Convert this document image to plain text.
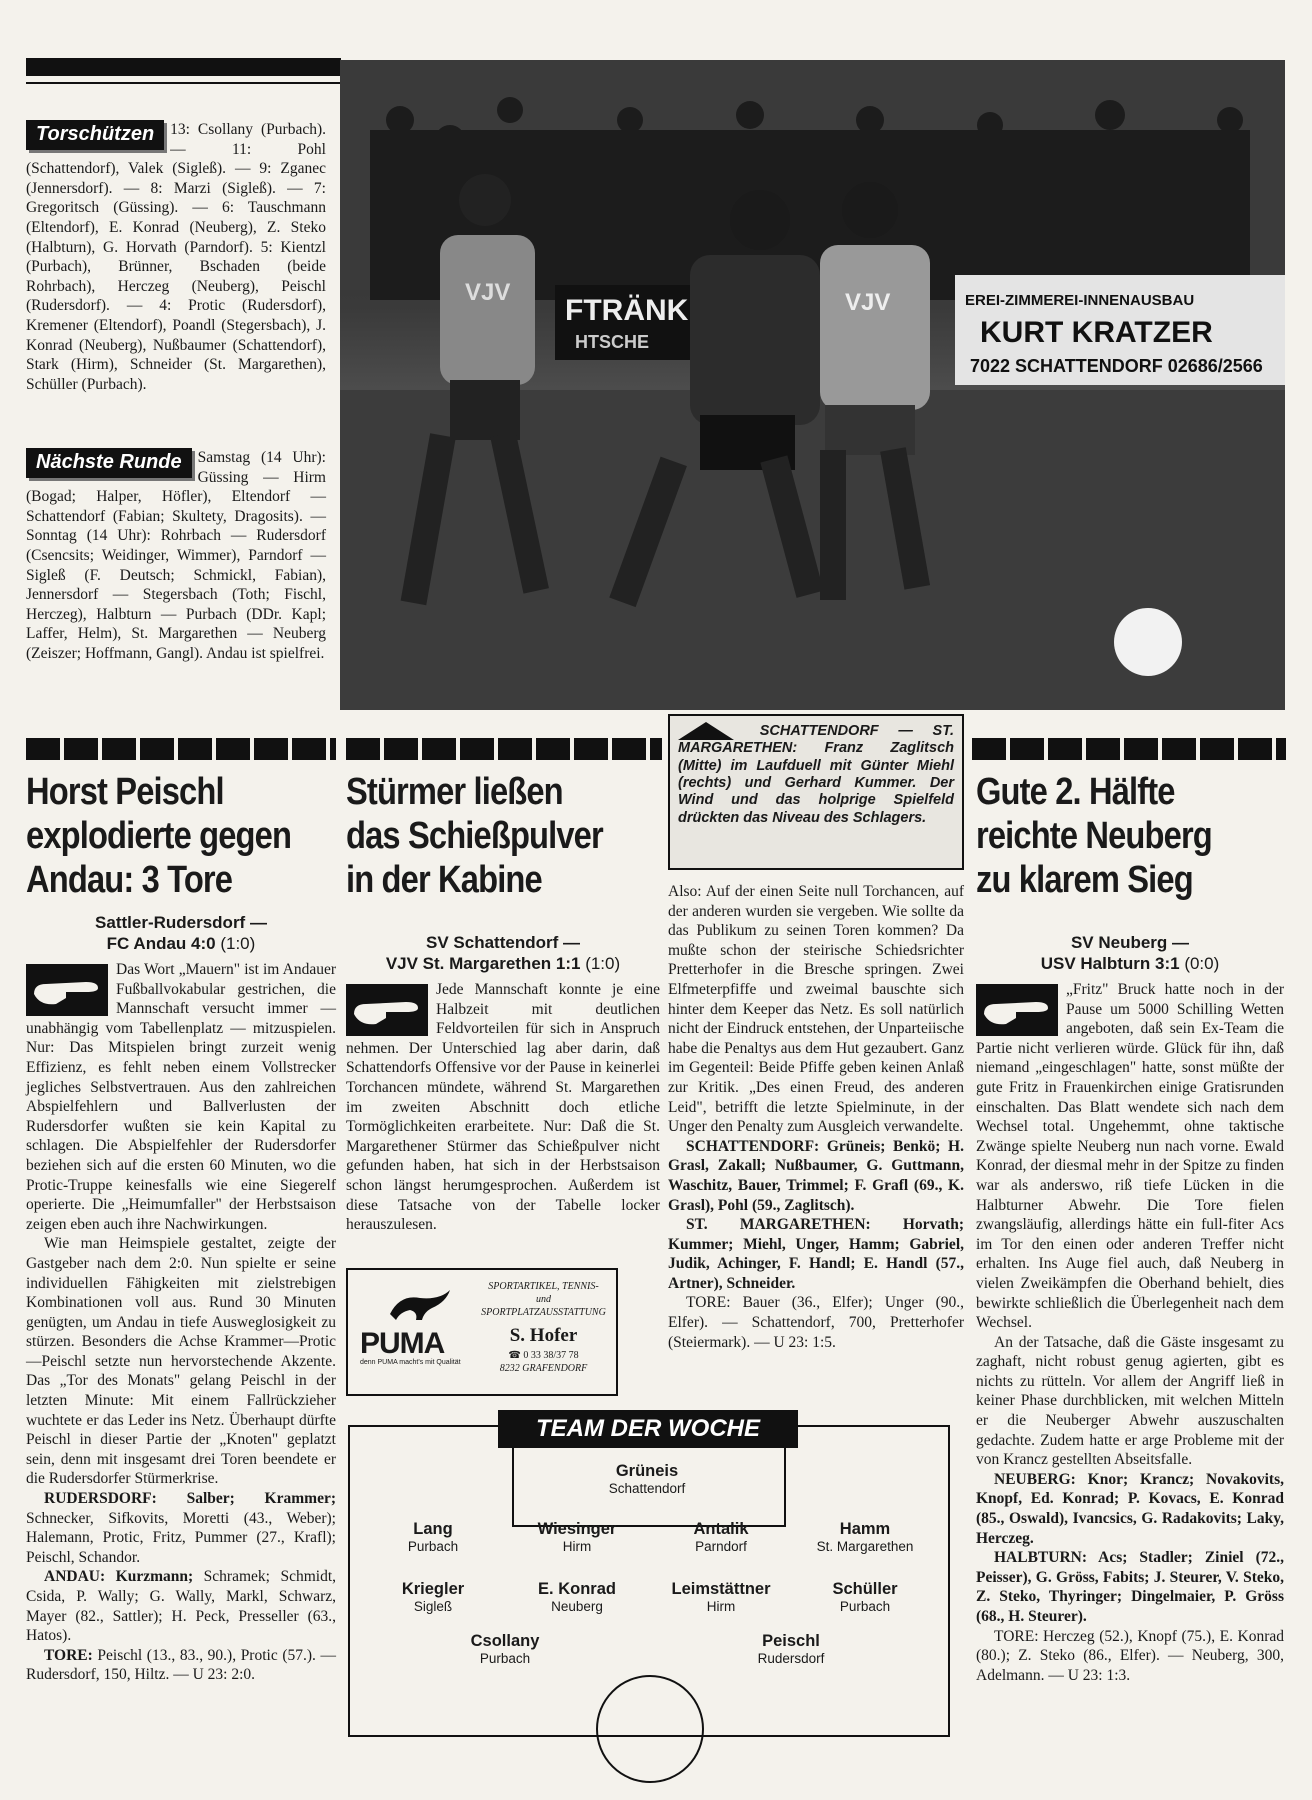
Torschützen	13: Csollany (Purbach). — 11: Pohl (Schattendorf), Valek (Sigleß). — 9: Zganec (Jennersdorf). — 8: Marzi (Sigleß). — 7: Gregoritsch (Güssing). — 6: Tauschmann (Eltendorf), E. Konrad (Neuberg), Z. Steko (Halbturn), G. Horvath (Parndorf). 5: Kientzl (Purbach), Brünner, Bschaden (beide Rohrbach), Herczeg (Neuberg), Peischl (Rudersdorf). — 4: Protic (Rudersdorf), Kremener (Eltendorf), Poandl (Stegersbach), J. Konrad (Neuberg), Nußbaumer (Schattendorf), Stark (Hirm), Schneider (St. Margarethen), Schüller (Purbach).
Nächste Runde	Samstag (14 Uhr): Güssing — Hirm (Bogad; Halper, Höfler), Eltendorf — Schattendorf (Fabian; Skultety, Dragosits). — Sonntag (14 Uhr): Rohrbach — Rudersdorf (Csencsits; Weidinger, Wimmer), Parndorf — Sigleß (F. Deutsch; Schmickl, Fabian), Jennersdorf — Stegersbach (Toth; Fischl, Herczeg), Halbturn — Purbach (DDr. Kapl; Laffer, Helm), St. Margarethen — Neuberg (Zeiszer; Hoffmann, Gangl). Andau ist spielfrei.
FTRÄNK
HTSCHE
EREI-ZIMMEREI-INNENAUSBAU
KURT KRATZER
7022 SCHATTENDORF 02686/2566
VJV	VJV
SCHATTENDORF — ST. MARGARETHEN: Franz Zaglitsch (Mitte) im Laufduell mit Günter Miehl (rechts) und Gerhard Kummer. Der Wind und das holprige Spielfeld drückten das Niveau des Schlagers.
Horst Peischl
explodierte gegen
Andau: 3 Tore
Sattler-Rudersdorf —
FC Andau 4:0 (1:0)

Das Wort „Mauern" ist im Andauer Fußballvokabular gestrichen, die Mannschaft versucht immer — unabhängig vom Tabellenplatz — mitzuspielen. Nur: Das Mitspielen bringt zurzeit wenig Effizienz, es fehlt neben einem Vollstrecker jegliches Selbstvertrauen. Aus den zahlreichen Abspielfehlern und Ballverlusten der Rudersdorfer wußten sie kein Kapital zu schlagen. Die Abspielfehler der Rudersdorfer beziehen sich auf die ersten 60 Minuten, wo die Protic-Truppe keinesfalls wie eine Siegerelf operierte. Die „Heimumfaller" der Herbstsaison zeigen eben auch ihre Nachwirkungen.

Wie man Heimspiele gestaltet, zeigte der Gastgeber nach dem 2:0. Nun spielte er seine individuellen Fähigkeiten mit zielstrebigen Kombinationen voll aus. Rund 30 Minuten genügten, um Andau in tiefe Ausweglosigkeit zu stürzen. Besonders die Achse Krammer—Protic—Peischl setzte nun hervorstechende Akzente. Das „Tor des Monats" gelang Peischl in der letzten Minute: Mit einem Fallrückzieher wuchtete er das Leder ins Netz. Überhaupt dürfte Peischl in dieser Partie der „Knoten" geplatzt sein, denn mit insgesamt drei Toren beendete er die Rudersdorfer Stürmerkrise.

RUDERSDORF: Salber; Krammer; Schnecker, Sifkovits, Moretti (43., Weber); Halemann, Protic, Fritz, Pummer (27., Krafl); Peischl, Schandor.

ANDAU: Kurzmann; Schramek; Schmidt, Csida, P. Wally; G. Wally, Markl, Schwarz, Mayer (82., Sattler); H. Peck, Presseller (63., Hatos).

TORE: Peischl (13., 83., 90.), Protic (57.). — Rudersdorf, 150, Hiltz. — U 23: 2:0.

Stürmer ließen
das Schießpulver
in der Kabine
SV Schattendorf —
VJV St. Margarethen 1:1 (1:0)

Jede Mannschaft konnte je eine Halbzeit mit deutlichen Feldvorteilen für sich in Anspruch nehmen. Der Unterschied lag aber darin, daß Schattendorfs Offensive vor der Pause in keinerlei Torchancen mündete, während St. Margarethen im zweiten Abschnitt doch etliche Tormöglichkeiten erarbeitete. Nur: Daß die St. Margarethener Stürmer das Schießpulver nicht gefunden haben, hat sich in der Herbstsaison schon längst herumgesprochen. Außerdem ist diese Tatsache von der Tabelle locker herauszulesen.

Also: Auf der einen Seite null Torchancen, auf der anderen wurden sie vergeben. Wie sollte da das Publikum zu seinen Toren kommen? Da mußte schon der steirische Schiedsrichter Pretterhofer in die Bresche springen. Zwei Elfmeterpfiffe und zweimal bauschte sich hinter dem Keeper das Netz. Es soll natürlich nicht der Eindruck entstehen, der Unparteiische habe die Penaltys aus dem Hut gezaubert. Ganz im Gegenteil: Beide Pfiffe geben keinen Anlaß zur Kritik. „Des einen Freud, des anderen Leid", betrifft die letzte Spielminute, in der Unger den Penalty zum Ausgleich verwandelte.

SCHATTENDORF: Grüneis; Benkö; H. Grasl, Zakall; Nußbaumer, G. Guttmann, Waschitz, Bauer, Trimmel; F. Grafl (69., K. Grasl), Pohl (59., Zaglitsch).

ST. MARGARETHEN: Horvath; Kummer; Miehl, Unger, Hamm; Gabriel, Judik, Achinger, F. Handl; E. Handl (57., Artner), Schneider.

TORE: Bauer (36., Elfer); Unger (90., Elfer). — Schattendorf, 700, Pretterhofer (Steiermark). — U 23: 1:5.

Gute 2. Hälfte
reichte Neuberg
zu klarem Sieg
SV Neuberg —
USV Halbturn 3:1 (0:0)

„Fritz" Bruck hatte noch in der Pause um 5000 Schilling Wetten angeboten, daß sein Ex-Team die Partie nicht verlieren würde. Glück für ihn, daß niemand „eingeschlagen" hatte, sonst müßte der gute Fritz in Frauenkirchen einige Gratisrunden einschalten. Das Blatt wendete sich nach dem Wechsel total. Ungehemmt, ohne taktische Zwänge spielte Neuberg nun nach vorne. Ewald Konrad, der diesmal mehr in der Spitze zu finden war als anderswo, riß tiefe Lücken in die Halbturner Abwehr. Die Tore fielen zwangsläufig, allerdings hätte ein full-fiter Acs im Tor den einen oder anderen Treffer nicht erhalten. Ins Auge fiel auch, daß Neuberg in vielen Zweikämpfen die Oberhand behielt, dies bewirkte schließlich die Überlegenheit nach dem Wechsel.

An der Tatsache, daß die Gäste insgesamt zu zaghaft, nicht robust genug agierten, gibt es nichts zu rütteln. Vor allem der Angriff ließ in keiner Phase durchblicken, mit welchen Mitteln er die Neuberger Abwehr auszuschalten gedachte. Zudem hatte er arge Probleme mit der von Krancz gestellten Abseitsfalle.

NEUBERG: Knor; Krancz; Novakovits, Knopf, Ed. Konrad; P. Kovacs, E. Konrad (85., Oswald), Ivancsics, G. Radakovits; Laky, Herczeg.

HALBTURN: Acs; Stadler; Ziniel (72., Peisser), G. Gröss, Fabits; J. Steurer, V. Steko, Z. Steko, Thyringer; Dingelmaier, P. Gröss (68., H. Steurer).

TORE: Herczeg (52.), Knopf (75.), E. Konrad (80.); Z. Steko (86., Elfer). — Neuberg, 300, Adelmann. — U 23: 1:3.

PUMA
denn PUMA macht's mit Qualität
SPORTARTIKEL, TENNIS-
und
SPORTPLATZAUSSTATTUNG
S. Hofer
☎ 0 33 38/37 78
8232 GRAFENDORF
TEAM DER WOCHE
Grüneis
Schattendorf
Lang
Purbach
Wiesinger
Hirm
Antalik
Parndorf
Hamm
St. Margarethen
Kriegler
Sigleß
E. Konrad
Neuberg
Leimstättner
Hirm
Schüller
Purbach
Csollany
Purbach
Peischl
Rudersdorf
